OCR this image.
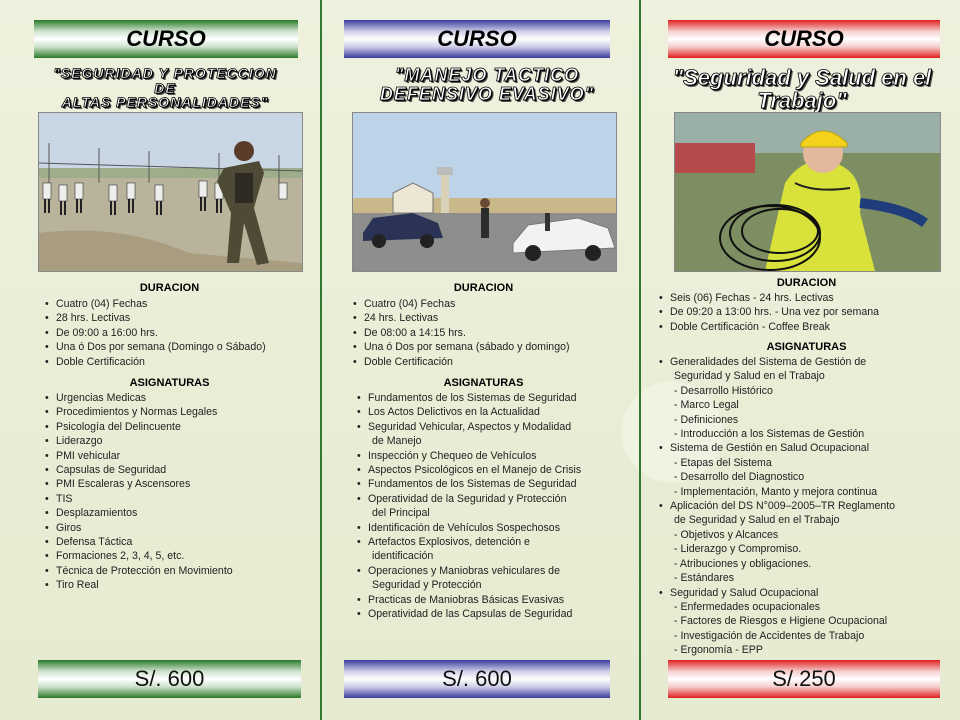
CURSO
"SEGURIDAD Y PROTECCION
DE
ALTAS PERSONALIDADES"
DURACION
• Cuatro (04) Fechas
• 28 hrs. Lectivas
• De 09:00 a 16:00 hrs.
• Una ó Dos por semana (Domingo o Sábado)
• Doble Certificación
ASIGNATURAS
• Urgencias Medicas
• Procedimientos y Normas Legales
• Psicología del Delincuente
• Liderazgo
• PMI vehicular
• Capsulas de Seguridad
• PMI Escaleras y Ascensores
• TIS
• Desplazamientos
• Giros
• Defensa Táctica
• Formaciones 2, 3, 4, 5, etc.
• Técnica de Protección en Movimiento
• Tiro Real
S/. 600
CURSO
"MANEJO TACTICO
DEFENSIVO EVASIVO"
DURACION
• Cuatro (04) Fechas
• 24 hrs. Lectivas
• De 08:00 a 14:15 hrs.
• Una ó Dos por semana (sábado y domingo)
• Doble Certificación
ASIGNATURAS
• Fundamentos de los Sistemas de Seguridad
• Los Actos Delictivos en la Actualidad
• Seguridad Vehicular, Aspectos y Modalidad
de Manejo
• Inspección y Chequeo de Vehículos
• Aspectos Psicológicos en el Manejo de Crisis
• Fundamentos de los Sistemas de Seguridad
• Operatividad de la Seguridad y Protección
del Principal
• Identificación de Vehículos Sospechosos
• Artefactos Explosivos, detención e
identificación
• Operaciones y Maniobras vehiculares de
Seguridad y Protección
• Practicas de Maniobras Básicas Evasivas
• Operatividad de las Capsulas de Seguridad
S/. 600
CURSO
"Seguridad y Salud en el Trabajo"
DURACION
• Seis (06) Fechas - 24 hrs. Lectivas
• De 09:20 a 13:00 hrs. - Una vez por semana
• Doble Certificación - Coffee Break
ASIGNATURAS
• Generalidades del Sistema de Gestión de
Seguridad y Salud en el Trabajo
- Desarrollo Histórico
- Marco Legal
- Definiciones
- Introducción a los Sistemas de Gestión
• Sistema de Gestión en Salud Ocupacional
- Etapas del Sistema
- Desarrollo del Diagnostico
- Implementación, Manto y mejora continua
• Aplicación del DS N°009–2005–TR Reglamento
de Seguridad y Salud en el Trabajo
- Objetivos y Alcances
- Liderazgo y Compromiso.
- Atribuciones y obligaciones.
- Estándares
• Seguridad y Salud Ocupacional
- Enfermedades ocupacionales
- Factores de Riesgos e Higiene Ocupacional
- Investigación de Accidentes de Trabajo
- Ergonomía - EPP
S/.250
